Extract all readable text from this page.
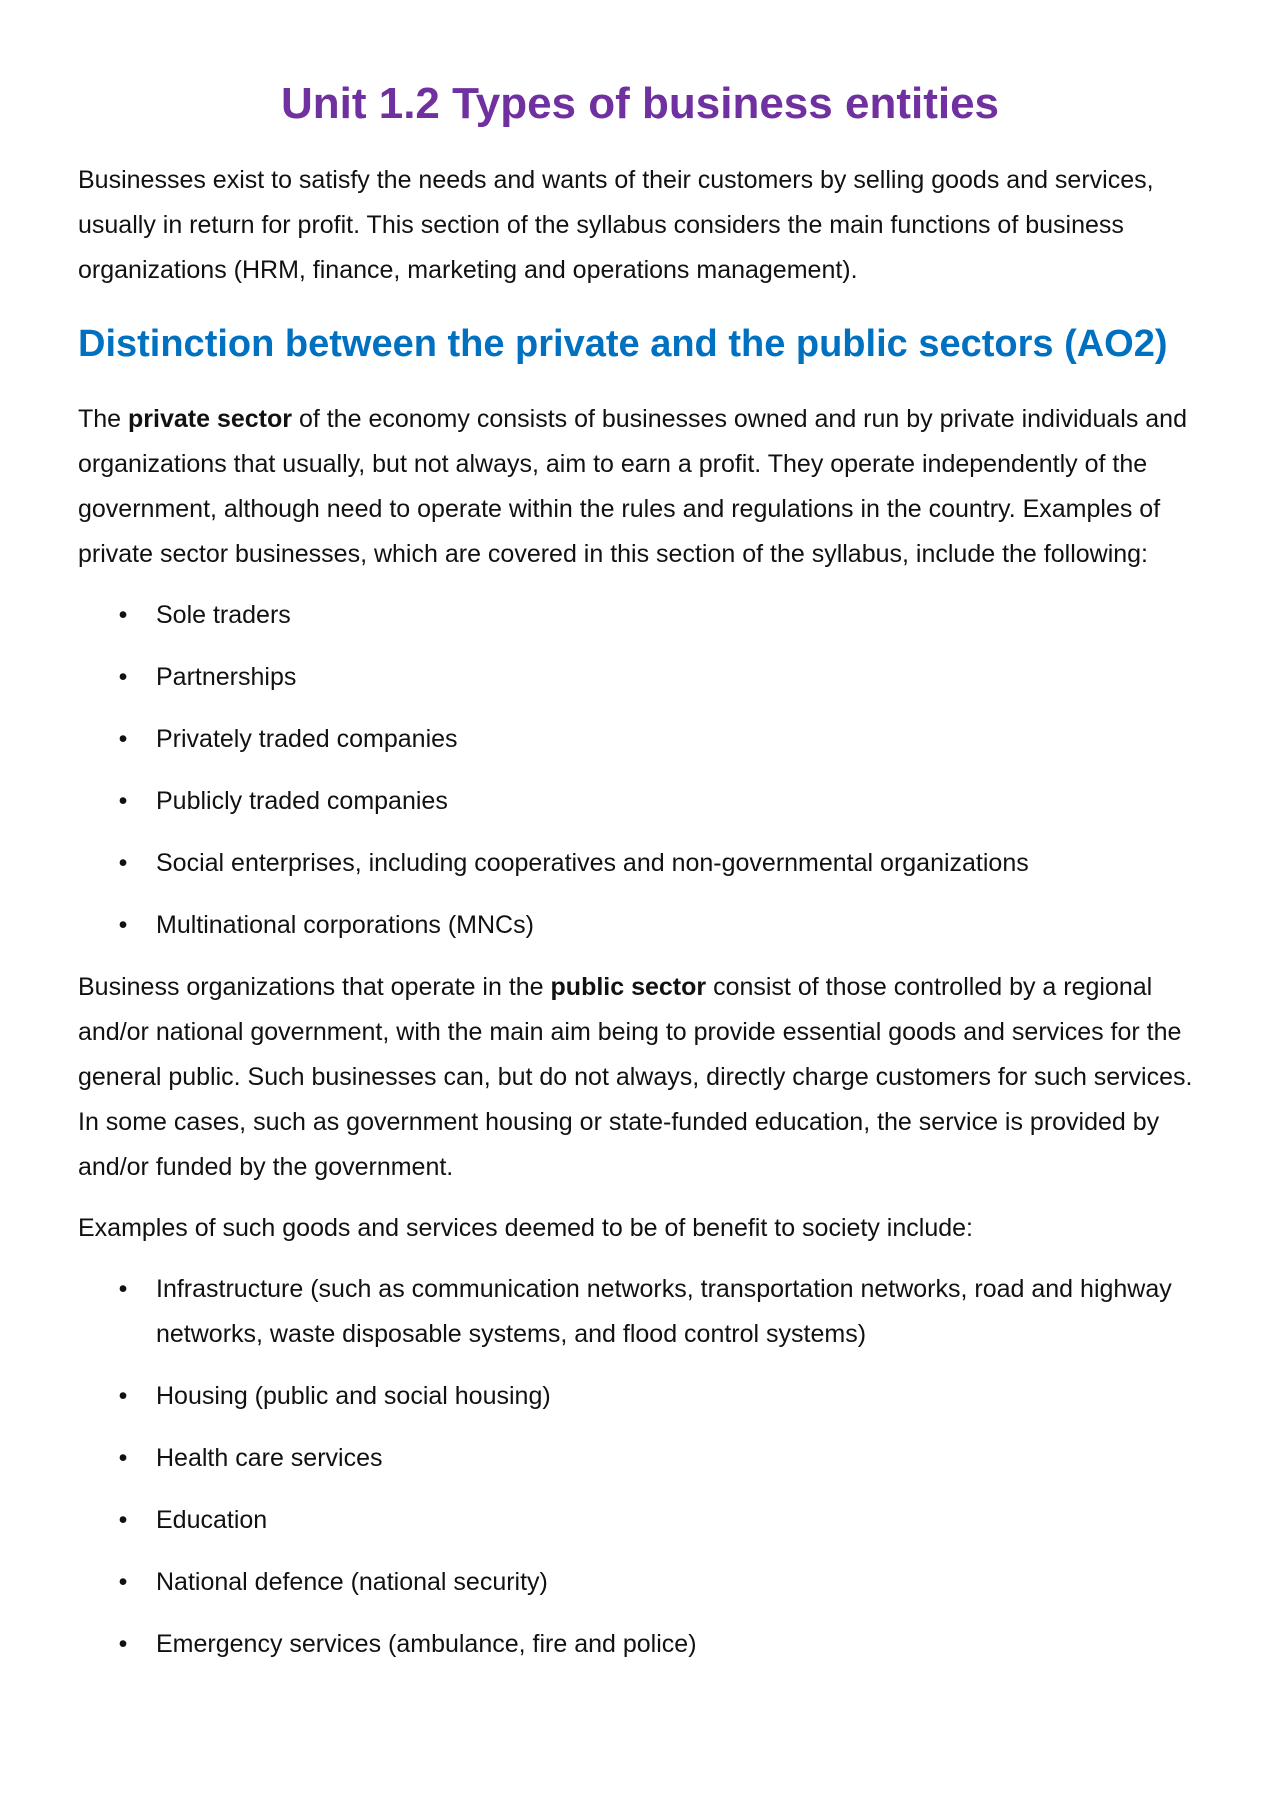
Unit 1.2 Types of business entities

Businesses exist to satisfy the needs and wants of their customers by selling goods and services, usually in return for profit. This section of the syllabus considers the main functions of business organizations (HRM, finance, marketing and operations management).

Distinction between the private and the public sectors (AO2)

The private sector of the economy consists of businesses owned and run by private individuals and organizations that usually, but not always, aim to earn a profit. They operate independently of the government, although need to operate within the rules and regulations in the country. Examples of private sector businesses, which are covered in this section of the syllabus, include the following:

• Sole traders
• Partnerships
• Privately traded companies
• Publicly traded companies
• Social enterprises, including cooperatives and non-governmental organizations
• Multinational corporations (MNCs)

Business organizations that operate in the public sector consist of those controlled by a regional and/or national government, with the main aim being to provide essential goods and services for the general public. Such businesses can, but do not always, directly charge customers for such services. In some cases, such as government housing or state-funded education, the service is provided by and/or funded by the government.

Examples of such goods and services deemed to be of benefit to society include:

• Infrastructure (such as communication networks, transportation networks, road and highway networks, waste disposable systems, and flood control systems)
• Housing (public and social housing)
• Health care services
• Education
• National defence (national security)
• Emergency services (ambulance, fire and police)
